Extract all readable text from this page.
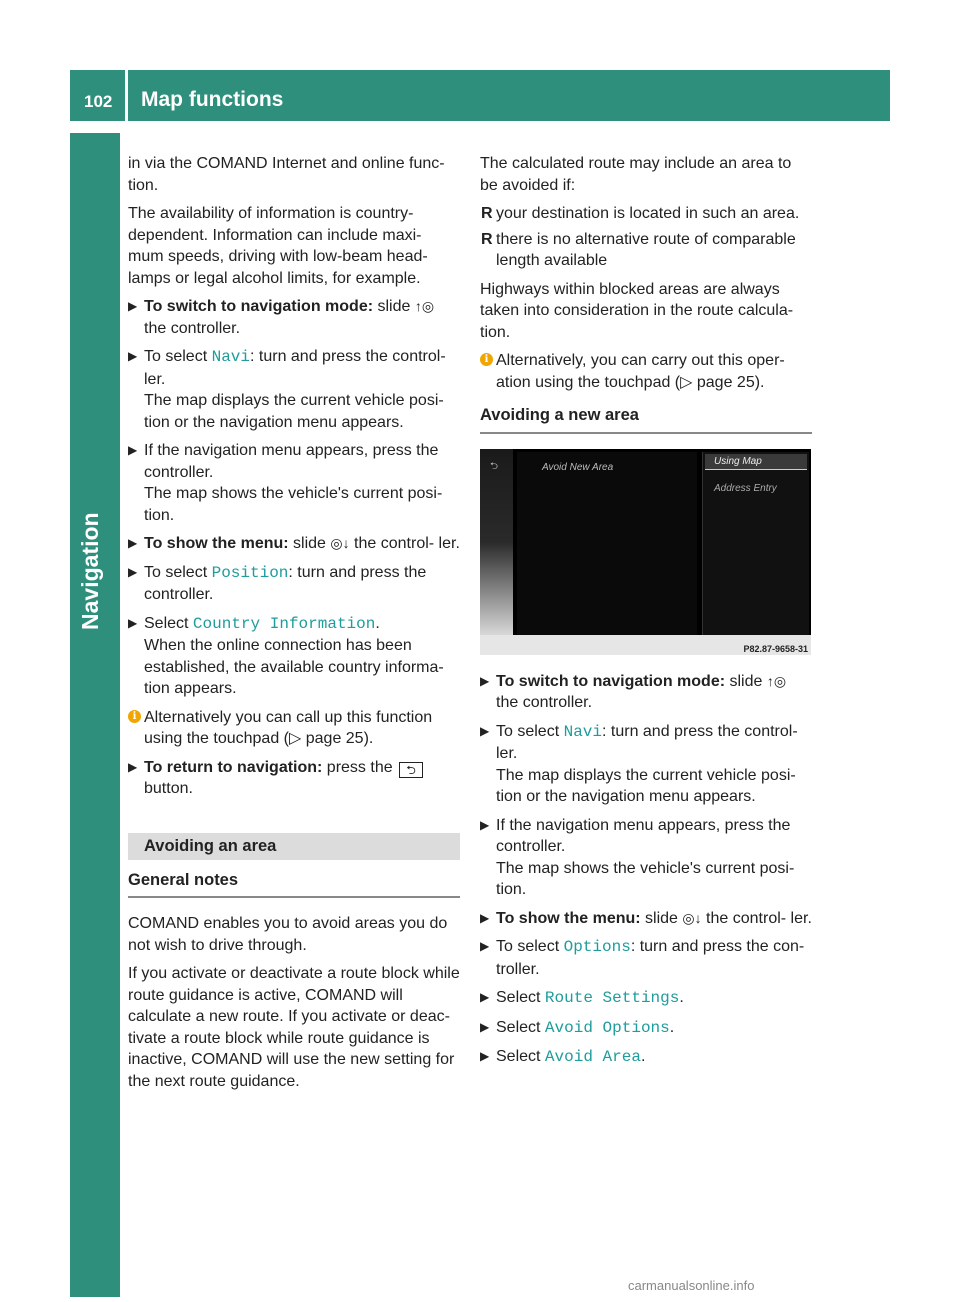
102 Map functions
Navigation

in via the COMAND Internet and online func- tion.

The availability of information is country- dependent. Information can include maxi- mum speeds, driving with low-beam head- lamps or legal alcohol limits, for example.

▶ To switch to navigation mode: slide ↑◎ the controller.
▶ To select Navi: turn and press the control- ler.
The map displays the current vehicle posi- tion or the navigation menu appears.
▶ If the navigation menu appears, press the controller.
The map shows the vehicle's current posi- tion.
▶ To show the menu: slide ◎↓ the control- ler.
▶ To select Position: turn and press the controller.
▶ Select Country Information.
When the online connection has been established, the available country informa- tion appears.
i Alternatively you can call up this function using the touchpad (▷ page 25).
▶ To return to navigation: press the ⮌ button.
Avoiding an area
General notes

COMAND enables you to avoid areas you do not wish to drive through.

If you activate or deactivate a route block while route guidance is active, COMAND will calculate a new route. If you activate or deac- tivate a route block while route guidance is inactive, COMAND will use the new setting for the next route guidance.

The calculated route may include an area to be avoided if:

R your destination is located in such an area.
R there is no alternative route of comparable length available

Highways within blocked areas are always taken into consideration in the route calcula- tion.

i Alternatively, you can carry out this oper- ation using the touchpad (▷ page 25).
Avoiding a new area
⮌	Avoid New Area
Using Map
Address Entry
P82.87-9658-31
▶ To switch to navigation mode: slide ↑◎ the controller.
▶ To select Navi: turn and press the control- ler.
The map displays the current vehicle posi- tion or the navigation menu appears.
▶ If the navigation menu appears, press the controller.
The map shows the vehicle's current posi- tion.
▶ To show the menu: slide ◎↓ the control- ler.
▶ To select Options: turn and press the con- troller.
▶ Select Route Settings.
▶ Select Avoid Options.
▶ Select Avoid Area.
carmanualsonline.info
